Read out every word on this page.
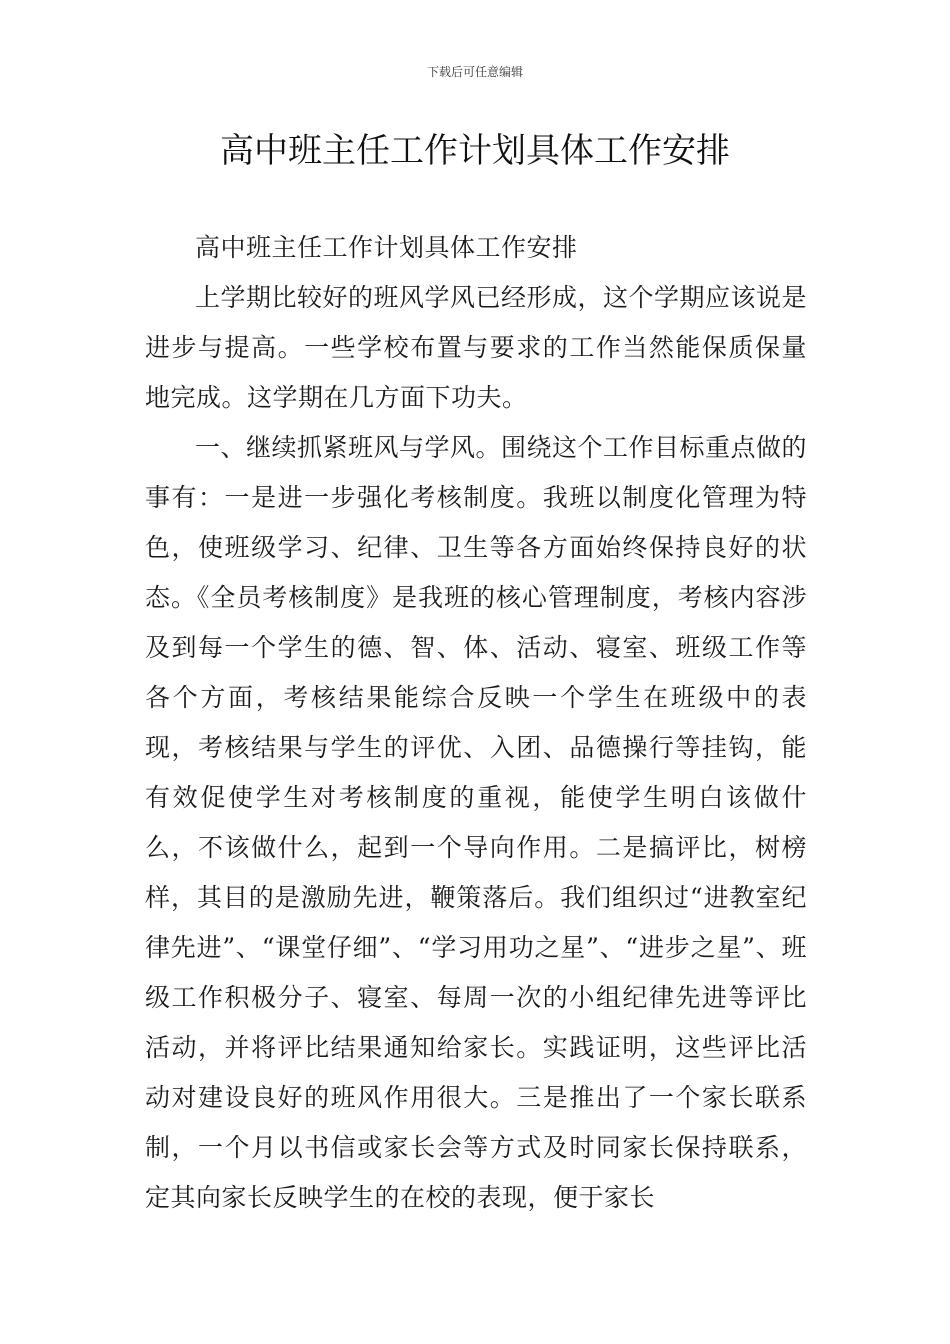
下载后可任意编辑
高中班主任工作计划具体工作安排

高中班主任工作计划具体工作安排

上学期比较好的班风学风已经形成，这个学期应该说是进步与提高。一些学校布置与要求的工作当然能保质保量地完成。这学期在几方面下功夫。

一、继续抓紧班风与学风。围绕这个工作目标重点做的事有：一是进一步强化考核制度。我班以制度化管理为特色，使班级学习、纪律、卫生等各方面始终保持良好的状态。《全员考核制度》是我班的核心管理制度，考核内容涉及到每一个学生的德、智、体、活动、寝室、班级工作等各个方面，考核结果能综合反映一个学生在班级中的表现，考核结果与学生的评优、入团、品德操行等挂钩，能有效促使学生对考核制度的重视，能使学生明白该做什么，不该做什么，起到一个导向作用。二是搞评比，树榜样，其目的是激励先进，鞭策落后。我们组织过“进教室纪律先进”、“课堂仔细”、“学习用功之星”、“进步之星”、班级工作积极分子、寝室、每周一次的小组纪律先进等评比活动，并将评比结果通知给家长。实践证明，这些评比活动对建设良好的班风作用很大。三是推出了一个家长联系制，一个月以书信或家长会等方式及时同家长保持联系，定其向家长反映学生的在校的表现，便于家长
